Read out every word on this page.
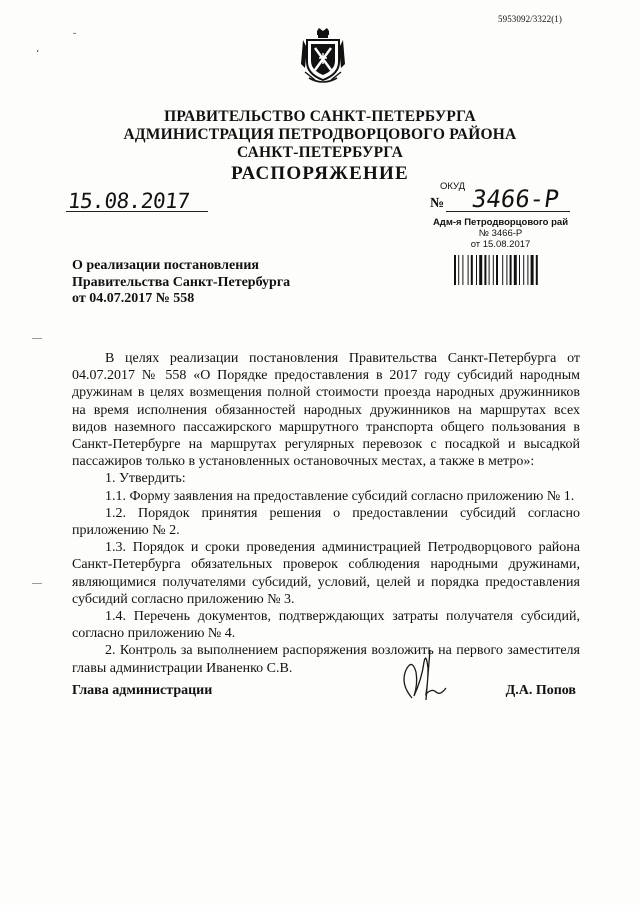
5953092/3322(1)
ПРАВИТЕЛЬСТВО САНКТ-ПЕТЕРБУРГА
АДМИНИСТРАЦИЯ ПЕТРОДВОРЦОВОГО РАЙОНА
САНКТ-ПЕТЕРБУРГА
РАСПОРЯЖЕНИЕ
15.08.2017
ОКУД
№ 3466-Р
Адм-я Петродворцового рай
№ 3466-Р
от 15.08.2017
О реализации постановления
Правительства Санкт-Петербурга
от 04.07.2017 № 558

В целях реализации постановления Правительства Санкт-Петербурга от 04.07.2017 № 558 «О Порядке предоставления в 2017 году субсидий народным дружинам в целях возмещения полной стоимости проезда народных дружинников на время исполнения обязанностей народных дружинников на маршрутах всех видов наземного пассажирского маршрутного транспорта общего пользования в Санкт-Петербурге на маршрутах регулярных перевозок с посадкой и высадкой пассажиров только в установленных остановочных местах, а также в метро»:

1. Утвердить:

1.1. Форму заявления на предоставление субсидий согласно приложению № 1.

1.2. Порядок принятия решения о предоставлении субсидий согласно приложению № 2.

1.3. Порядок и сроки проведения администрацией Петродворцового района Санкт-Петербурга обязательных проверок соблюдения народными дружинами, являющимися получателями субсидий, условий, целей и порядка предоставления субсидий согласно приложению № 3.

1.4. Перечень документов, подтверждающих затраты получателя субсидий, согласно приложению № 4.

2. Контроль за выполнением распоряжения возложить на первого заместителя главы администрации Иваненко С.В.

Глава администрации	Д.А. Попов
،
˘
—
—
